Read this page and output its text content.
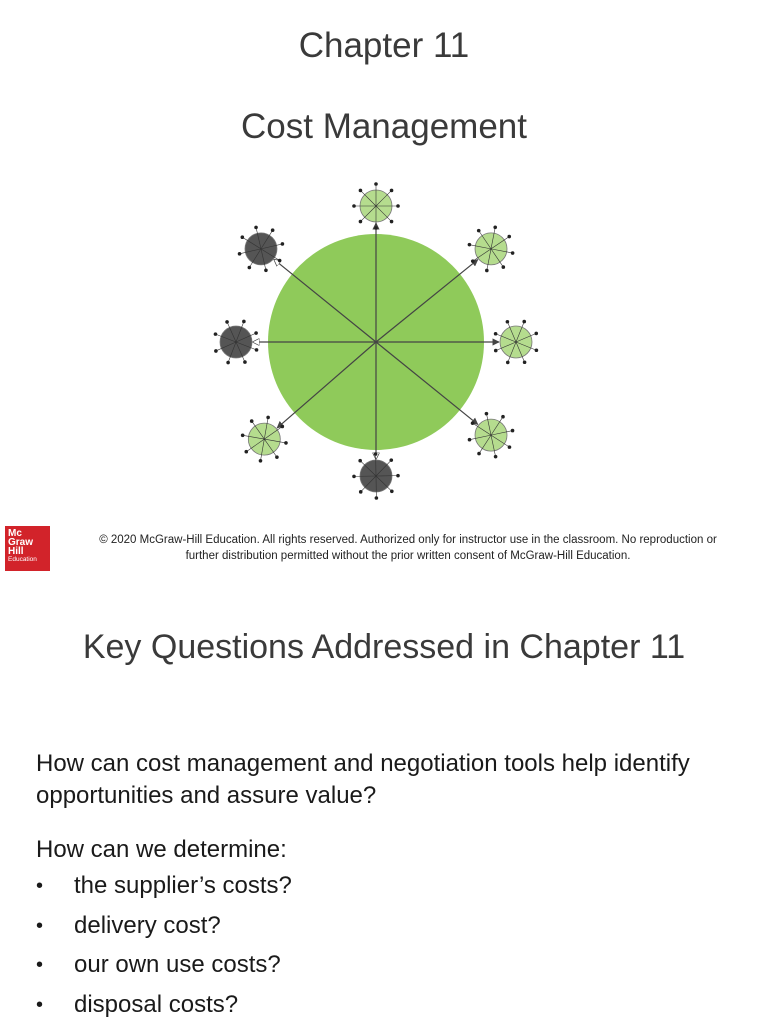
Chapter 11
Cost Management
Mc
Graw
Hill
Education
© 2020 McGraw-Hill Education. All rights reserved. Authorized only for instructor use in the classroom. No reproduction or
further distribution permitted without the prior written consent of McGraw-Hill Education.
Key Questions Addressed in Chapter 11
How can cost management and negotiation tools help identify opportunities and assure value?
How can we determine:
• the supplier’s costs?
• delivery cost?
• our own use costs?
• disposal costs?
